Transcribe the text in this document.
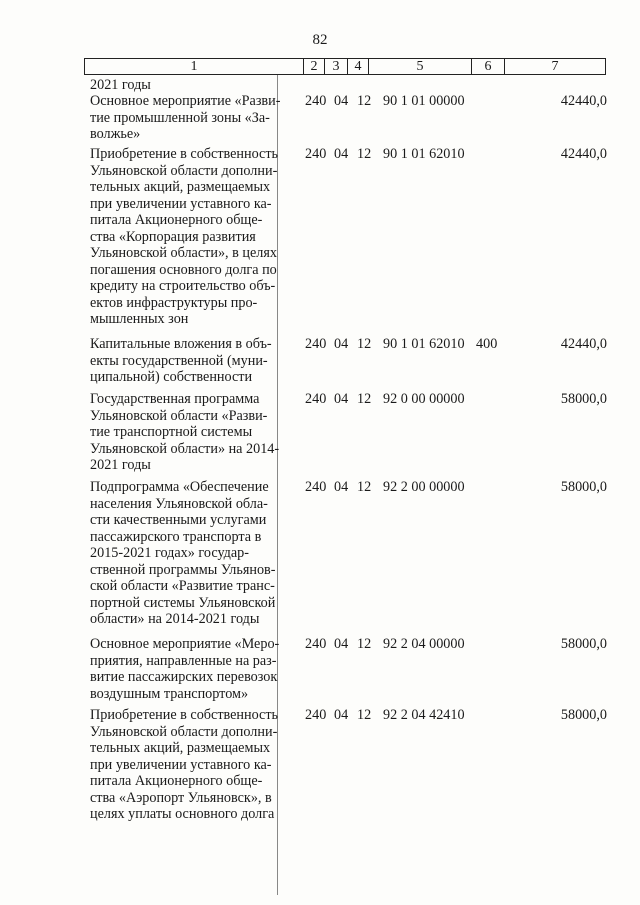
82
1	2	3	4	5	6	7
2021 годы
Основное мероприятие «Разви-
тие промышленной зоны «За-
волжье»
240 04 12 90 1 01 00000	42440,0
Приобретение в собственность
Ульяновской области дополни-
тельных акций, размещаемых
при увеличении уставного ка-
питала Акционерного обще-
ства «Корпорация развития
Ульяновской области», в целях
погашения основного долга по
кредиту на строительство объ-
ектов инфраструктуры про-
мышленных зон
240 04 12 90 1 01 62010	42440,0
Капитальные вложения в объ-
екты государственной (муни-
ципальной) собственности
240 04 12 90 1 01 62010 400	42440,0
Государственная программа
Ульяновской области «Разви-
тие транспортной системы
Ульяновской области» на 2014-
2021 годы
240 04 12 92 0 00 00000	58000,0
Подпрограмма «Обеспечение
населения Ульяновской обла-
сти качественными услугами
пассажирского транспорта в
2015-2021 годах» государ-
ственной программы Ульянов-
ской области «Развитие транс-
портной системы Ульяновской
области» на 2014-2021 годы
240 04 12 92 2 00 00000	58000,0
Основное мероприятие «Меро-
приятия, направленные на раз-
витие пассажирских перевозок
воздушным транспортом»
240 04 12 92 2 04 00000	58000,0
Приобретение в собственность
Ульяновской области дополни-
тельных акций, размещаемых
при увеличении уставного ка-
питала Акционерного обще-
ства «Аэропорт Ульяновск», в
целях уплаты основного долга
240 04 12 92 2 04 42410	58000,0
